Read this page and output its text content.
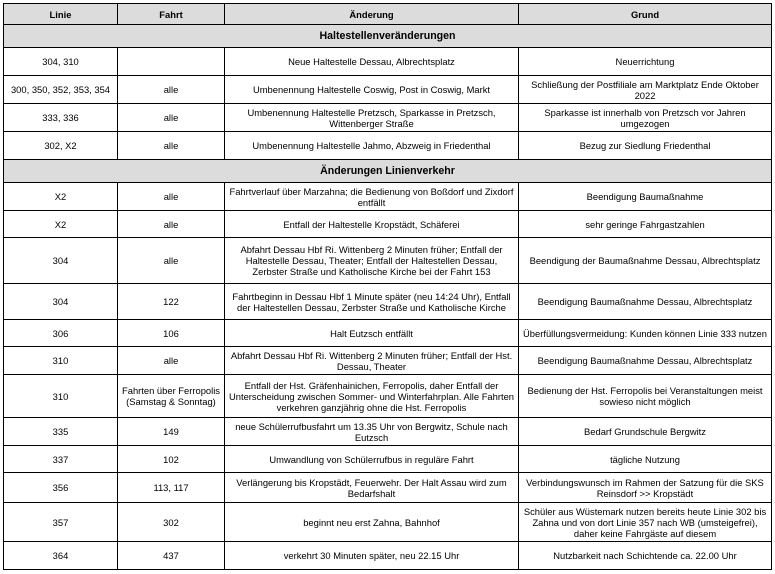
Linie	Fahrt	Änderung	Grund
Haltestellenveränderungen			
304, 310		Neue Haltestelle Dessau, Albrechtsplatz	Neuerrichtung
300, 350, 352, 353, 354	alle	Umbenennung Haltestelle Coswig, Post in Coswig, Markt	Schließung der Postfiliale am Marktplatz Ende Oktober 2022
333, 336	alle	Umbenennung Haltestelle Pretzsch, Sparkasse in Pretzsch, Wittenberger Straße	Sparkasse ist innerhalb von Pretzsch vor Jahren umgezogen
302, X2	alle	Umbenennung Haltestelle Jahmo, Abzweig in Friedenthal	Bezug zur Siedlung Friedenthal
Änderungen Linienverkehr			
X2	alle	Fahrtverlauf über Marzahna; die Bedienung von Boßdorf und Zixdorf entfällt	Beendigung Baumaßnahme
X2	alle	Entfall der Haltestelle Kropstädt, Schäferei	sehr geringe Fahrgastzahlen
304	alle	Abfahrt Dessau Hbf Ri. Wittenberg 2 Minuten früher; Entfall der Haltestelle Dessau, Theater; Entfall der Haltestellen Dessau, Zerbster Straße und Katholische Kirche bei der Fahrt 153	Beendigung der Baumaßnahme Dessau, Albrechtsplatz
304	122	Fahrtbeginn in Dessau Hbf 1 Minute später (neu 14:24 Uhr), Entfall der Haltestellen Dessau, Zerbster Straße und Katholische Kirche	Beendigung Baumaßnahme Dessau, Albrechtsplatz
306	106	Halt Eutzsch entfällt	Überfüllungsvermeidung: Kunden können Linie 333 nutzen
310	alle	Abfahrt Dessau Hbf Ri. Wittenberg 2 Minuten früher; Entfall der Hst. Dessau, Theater	Beendigung Baumaßnahme Dessau, Albrechtsplatz
310	Fahrten über Ferropolis (Samstag & Sonntag)	Entfall der Hst. Gräfenhainichen, Ferropolis, daher Entfall der Unterscheidung zwischen Sommer- und Winterfahrplan. Alle Fahrten verkehren ganzjährig ohne die Hst. Ferropolis	Bedienung der Hst. Ferropolis bei Veranstaltungen meist sowieso nicht möglich
335	149	neue Schülerrufbusfahrt um 13.35 Uhr von Bergwitz, Schule nach Eutzsch	Bedarf Grundschule Bergwitz
337	102	Umwandlung von Schülerrufbus in reguläre Fahrt	tägliche Nutzung
356	113, 117	Verlängerung bis Kropstädt, Feuerwehr. Der Halt Assau wird zum Bedarfshalt	Verbindungswunsch im Rahmen der Satzung für die SKS Reinsdorf >> Kropstädt
357	302	beginnt neu erst Zahna, Bahnhof	Schüler aus Wüstemark nutzen bereits heute Linie 302 bis Zahna und von dort Linie 357 nach WB (umsteigefrei), daher keine Fahrgäste auf diesem
364	437	verkehrt 30 Minuten später, neu 22.15 Uhr	Nutzbarkeit nach Schichtende ca. 22.00 Uhr
